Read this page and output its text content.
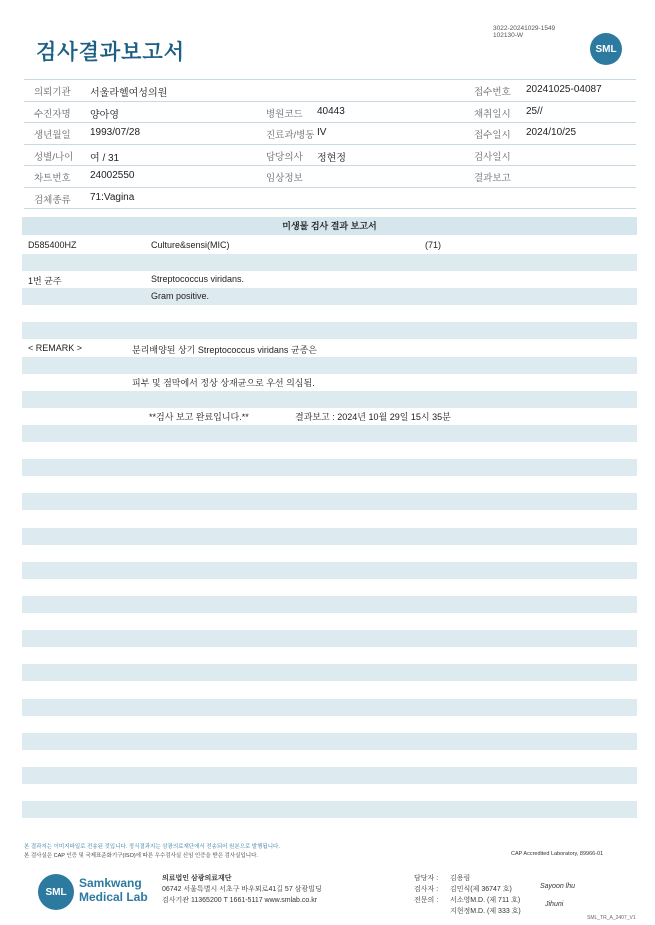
검사결과보고서
3022-20241029-1549
102130-W
SML
의뢰기관 서울라헬여성의원	접수번호 20241025-04087
수진자명 양아영	병원코드 40443	채취일시 25//
생년월일 1993/07/28	진료과/병동 IV	접수일시 2024/10/25
성별/나이 여 / 31	담당의사 정현정	검사일시
차트번호 24002550	임상정보	결과보고
검체종류 71:Vagina
미생물 검사 결과 보고서
D585400HZ	Culture&sensi(MIC)	(71)
1번 균주	Streptococcus viridans.
Gram positive.
< REMARK >	분리배양된 상기 Streptococcus viridans 균종은
피부 및 점막에서 정상 상재균으로 우선 의심됨.
**검사 보고 완료입니다.**	결과보고 : 2024년 10월 29일 15시 35분
본 결과지는 이미지파일로 전송된 것입니다. 정식결과지는 삼광의료재단에서 전송되어 원본으로 발행됩니다.
본 검사실은 CAP 인증 및 국제표준화기구(ISO)에 따른 우수검사실 신임 인증을 받은 검사실입니다.	CAP Accredited Laboratory, 89966-01
SML
Samkwang
Medical Lab
의료법인 삼광의료재단
06742 서울특별시 서초구 바우뫼로41길 57 삼광빌딩
검사기관 11365200 T 1661-5117 www.smlab.co.kr
담당자 : 김용림
검사자 : 김민식(제 36747 호)
전문의 : 서소영M.D. (제 711 호)
지현정M.D. (제 333 호)
Sayoon lhu
Jihuni
SML_TR_A_2407_V1
